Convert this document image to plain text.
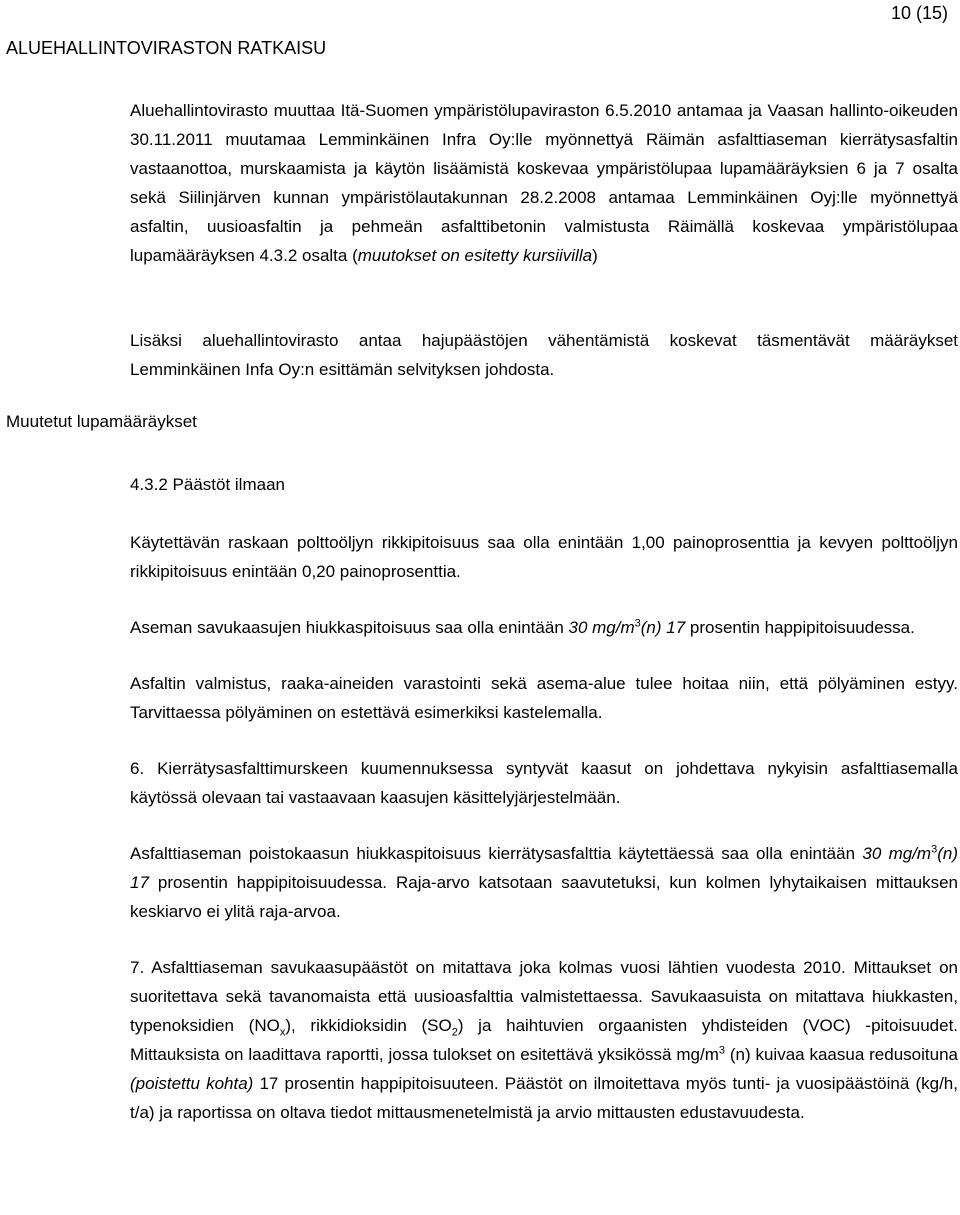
10 (15)
ALUEHALLINTOVIRASTON RATKAISU
Muutetut lupamääräykset

Aluehallintovirasto muuttaa Itä-Suomen ympäristölupaviraston 6.5.2010 antamaa ja Vaasan hallinto-oikeuden 30.11.2011 muutamaa Lemminkäinen Infra Oy:lle myönnettyä Räimän asfalttiaseman kierrätysasfaltin vastaanottoa, murskaamista ja käytön lisäämistä koskevaa ympäristölupaa lupamääräyksien 6 ja 7 osalta sekä Siilinjärven kunnan ympäristölautakunnan 28.2.2008 antamaa Lemminkäinen Oyj:lle myönnettyä asfaltin, uusioasfaltin ja pehmeän asfalttibetonin valmistusta Räimällä koskevaa ympäristölupaa lupamääräyksen 4.3.2 osalta (muutokset on esitetty kursiivilla)

Lisäksi aluehallintovirasto antaa hajupäästöjen vähentämistä koskevat täsmentävät määräykset Lemminkäinen Infa Oy:n esittämän selvityksen johdosta.

4.3.2 Päästöt ilmaan

Käytettävän raskaan polttoöljyn rikkipitoisuus saa olla enintään 1,00 painoprosenttia ja kevyen polttoöljyn rikkipitoisuus enintään 0,20 painoprosenttia.

Aseman savukaasujen hiukkaspitoisuus saa olla enintään 30 $mg/m^3(n)$ 17 prosentin happipitoisuudessa.

Asfaltin valmistus, raaka-aineiden varastointi sekä asema-alue tulee hoitaa niin, että pölyäminen estyy. Tarvittaessa pölyäminen on estettävä esimerkiksi kastelemalla.

6. Kierrätysasfalttimurskeen kuumennuksessa syntyvät kaasut on johdettava nykyisin asfalttiasemalla käytössä olevaan tai vastaavaan kaasujen käsittelyjärjestelmään.

Asfalttiaseman poistokaasun hiukkaspitoisuus kierrätysasfalttia käytettäessä saa olla enintään 30 $mg/m^3(n)$ 17 prosentin happipitoisuudessa. Raja-arvo katsotaan saavutetuksi, kun kolmen lyhytaikaisen mittauksen keskiarvo ei ylitä raja-arvoa.

7. Asfalttiaseman savukaasupäästöt on mitattava joka kolmas vuosi lähtien vuodesta 2010. Mittaukset on suoritettava sekä tavanomaista että uusioasfalttia valmistettaessa. Savukaasuista on mitattava hiukkasten, typenoksidien $(NO_x)$, rikkidioksidin $(SO_2)$ ja haihtuvien orgaanisten yhdisteiden (VOC) -pitoisuudet. Mittauksista on laadittava raportti, jossa tulokset on esitettävä yksikössä $mg/m^3$ (n) kuivaa kaasua redusoituna (poistettu kohta) 17 prosentin happipitoisuuteen. Päästöt on ilmoitettava myös tunti- ja vuosipäästöinä (kg/h, t/a) ja raportissa on oltava tiedot mittausmenetelmistä ja arvio mittausten edustavuudesta.
